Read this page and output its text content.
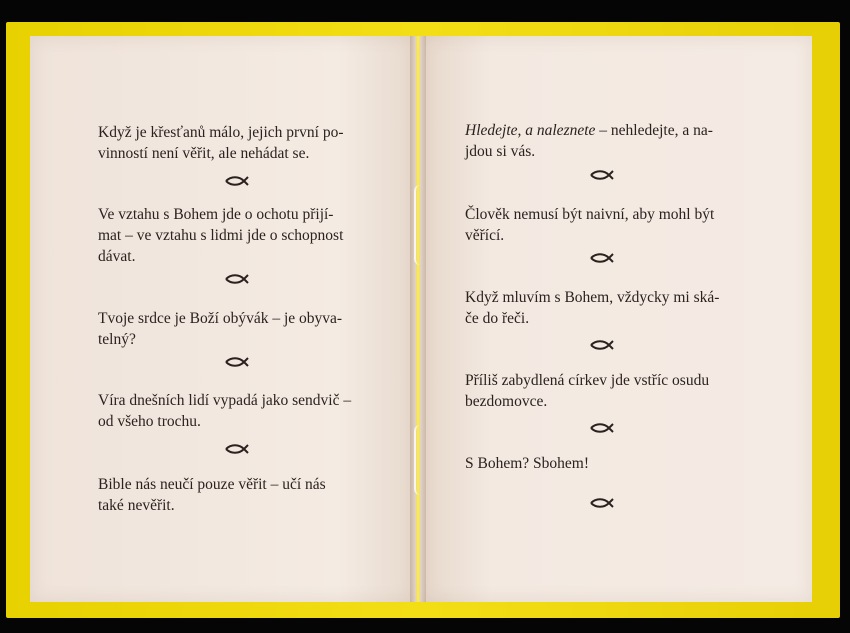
Když je křesťanů málo, jejich první po-
vinností není věřit, ale nehádat se.
Ve vztahu s Bohem jde o ochotu přijí-
mat – ve vztahu s lidmi jde o schopnost
dávat.
Tvoje srdce je Boží obývák – je obyva-
telný?
Víra dnešních lidí vypadá jako sendvič –
od všeho trochu.
Bible nás neučí pouze věřit – učí nás
také nevěřit.
Hledejte, a naleznete – nehledejte, a na-
jdou si vás.
Člověk nemusí být naivní, aby mohl být
věřící.
Když mluvím s Bohem, vždycky mi ská-
če do řeči.
Příliš zabydlená církev jde vstříc osudu
bezdomovce.
S Bohem? Sbohem!
